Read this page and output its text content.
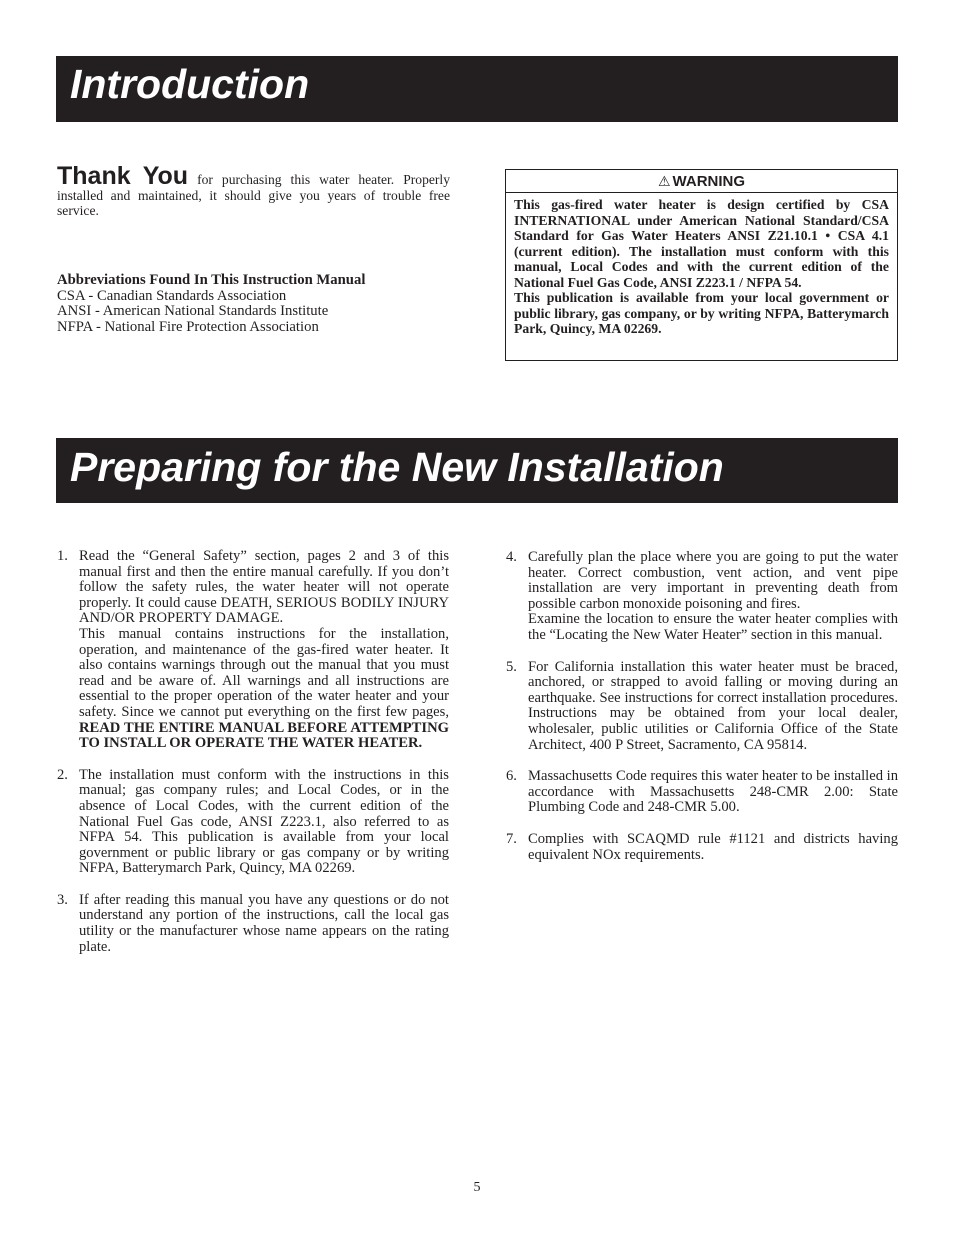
Introduction
Thank You for purchasing this water heater. Properly installed and maintained, it should give you years of trouble free service.
Abbreviations Found In This Instruction Manual
CSA - Canadian Standards Association
ANSI - American National Standards Institute
NFPA - National Fire Protection Association
⚠ WARNING

This gas-fired water heater is design certified by CSA INTERNATIONAL under American National Standard/CSA Standard for Gas Water Heaters ANSI Z21.10.1 • CSA 4.1 (current edition). The installation must conform with this manual, Local Codes and with the current edition of the National Fuel Gas Code, ANSI Z223.1 / NFPA 54.

This publication is available from your local government or public library, gas company, or by writing NFPA, Batterymarch Park, Quincy, MA 02269.

Preparing for the New Installation
1. Read the “General Safety” section, pages 2 and 3 of this manual first and then the entire manual carefully. If you don’t follow the safety rules, the water heater will not operate properly. It could cause DEATH, SERIOUS BODILY INJURY AND/OR PROPERTY DAMAGE.

This manual contains instructions for the installation, operation, and maintenance of the gas-fired water heater. It also contains warnings through out the manual that you must read and be aware of. All warnings and all instructions are essential to the proper operation of the water heater and your safety. Since we cannot put everything on the first few pages, READ THE ENTIRE MANUAL BEFORE ATTEMPTING TO INSTALL OR OPERATE THE WATER HEATER.

2. The installation must conform with the instructions in this manual; gas company rules; and Local Codes, or in the absence of Local Codes, with the current edition of the National Fuel Gas code, ANSI Z223.1, also referred to as NFPA 54. This publication is available from your local government or public library or gas company or by writing NFPA, Batterymarch Park, Quincy, MA 02269.

3. If after reading this manual you have any questions or do not understand any portion of the instructions, call the local gas utility or the manufacturer whose name appears on the rating plate.

4. Carefully plan the place where you are going to put the water heater. Correct combustion, vent action, and vent pipe installation are very important in preventing death from possible carbon monoxide poisoning and fires.

Examine the location to ensure the water heater complies with the “Locating the New Water Heater” section in this manual.

5. For California installation this water heater must be braced, anchored, or strapped to avoid falling or moving during an earthquake. See instructions for correct installation procedures. Instructions may be obtained from your local dealer, wholesaler, public utilities or California Office of the State Architect, 400 P Street, Sacramento, CA 95814.

6. Massachusetts Code requires this water heater to be installed in accordance with Massachusetts 248-CMR 2.00: State Plumbing Code and 248-CMR 5.00.

7. Complies with SCAQMD rule #1121 and districts having equivalent NOx requirements.

5
